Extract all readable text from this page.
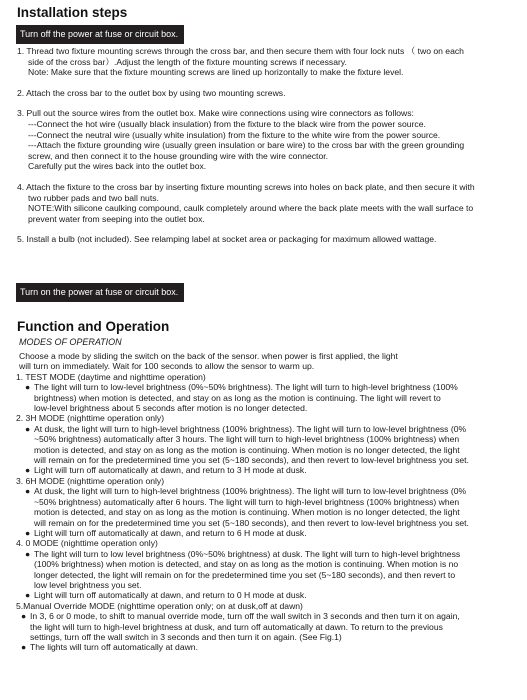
Installation steps
Turn off the power at fuse or circuit box.

1. Thread two fixture mounting screws through the cross bar, and then secure them with four lock nuts （ two on each

side of the cross bar）.Adjust the length of the fixture mounting screws if necessary.

Note: Make sure that the fixture mounting screws are lined up horizontally to make the fixture level.

2. Attach the cross bar to the outlet box by using two mounting screws.

3. Pull out the source wires from the outlet box. Make wire connections using wire connectors as follows:

---Connect the hot wire (usually black insulation) from the fixture to the black wire from the power source.

---Connect the neutral wire (usually white insulation) from the fixture to the white wire from the power source.

---Attach the fixture grounding wire (usually green insulation or bare wire) to the cross bar with the green grounding

screw, and then connect it to the house grounding wire with the wire connector.

Carefully put the wires back into the outlet box.

4. Attach the fixture to the cross bar by inserting fixture mounting screws into holes on back plate, and then secure it with

two rubber pads and two ball nuts.

NOTE:With silicone caulking compound, caulk completely around where the back plate meets with the wall surface to

prevent water from seeping into the outlet box.

5. Install a bulb (not included). See relamping label at socket area or packaging for maximum allowed wattage.

Turn on the power at fuse or circuit box.
Function and Operation
MODES OF OPERATION

Choose a mode by sliding the switch on the back of the sensor. when power is first applied, the light

will turn on immediately. Wait for 100 seconds to allow the sensor to warm up.

1. TEST MODE (daytime and nighttime operation)

● The light will turn to low-level brightness (0%~50% brightness). The light will turn to high-level brightness (100%

brightness) when motion is detected, and stay on as long as the motion is continuing. The light will revert to

low-level brightness about 5 seconds after motion is no longer detected.

2. 3H MODE (nighttime operation only)

● At dusk, the light will turn to high-level brightness (100% brightness). The light will turn to low-level brightness (0%

~50% brightness) automatically after 3 hours. The light will turn to high-level brightness (100% brightness) when

motion is detected, and stay on as long as the motion is continuing. When motion is no longer detected, the light

will remain on for the predetermined time you set (5~180 seconds), and then revert to low-level brightness you set.

● Light will turn off automatically at dawn, and return to 3 H mode at dusk.

3. 6H MODE (nighttime operation only)

● At dusk, the light will turn to high-level brightness (100% brightness). The light will turn to low-level brightness (0%

~50% brightness) automatically after 6 hours. The light will turn to high-level brightness (100% brightness) when

motion is detected, and stay on as long as the motion is continuing. When motion is no longer detected, the light

will remain on for the predetermined time you set (5~180 seconds), and then revert to low-level brightness you set.

● Light will turn off automatically at dawn, and return to 6 H mode at dusk.

4. 0 MODE (nighttime operation only)

● The light will turn to low level brightness (0%~50% brightness) at dusk. The light will turn to high-level brightness

(100% brightness) when motion is detected, and stay on as long as the motion is continuing. When motion is no

longer detected, the light will remain on for the predetermined time you set (5~180 seconds), and then revert to

low level brightness you set.

● Light will turn off automatically at dawn, and return to 0 H mode at dusk.

5.Manual Override MODE (nighttime operation only; on at dusk,off at dawn)

● In 3, 6 or 0 mode, to shift to manual override mode, turn off the wall switch in 3 seconds and then turn it on again,

the light will turn to high-level brightness at dusk, and turn off automatically at dawn. To return to the previous

settings, turn off the wall switch in 3 seconds and then turn it on again. (See Fig.1)

● The lights will turn off automatically at dawn.
